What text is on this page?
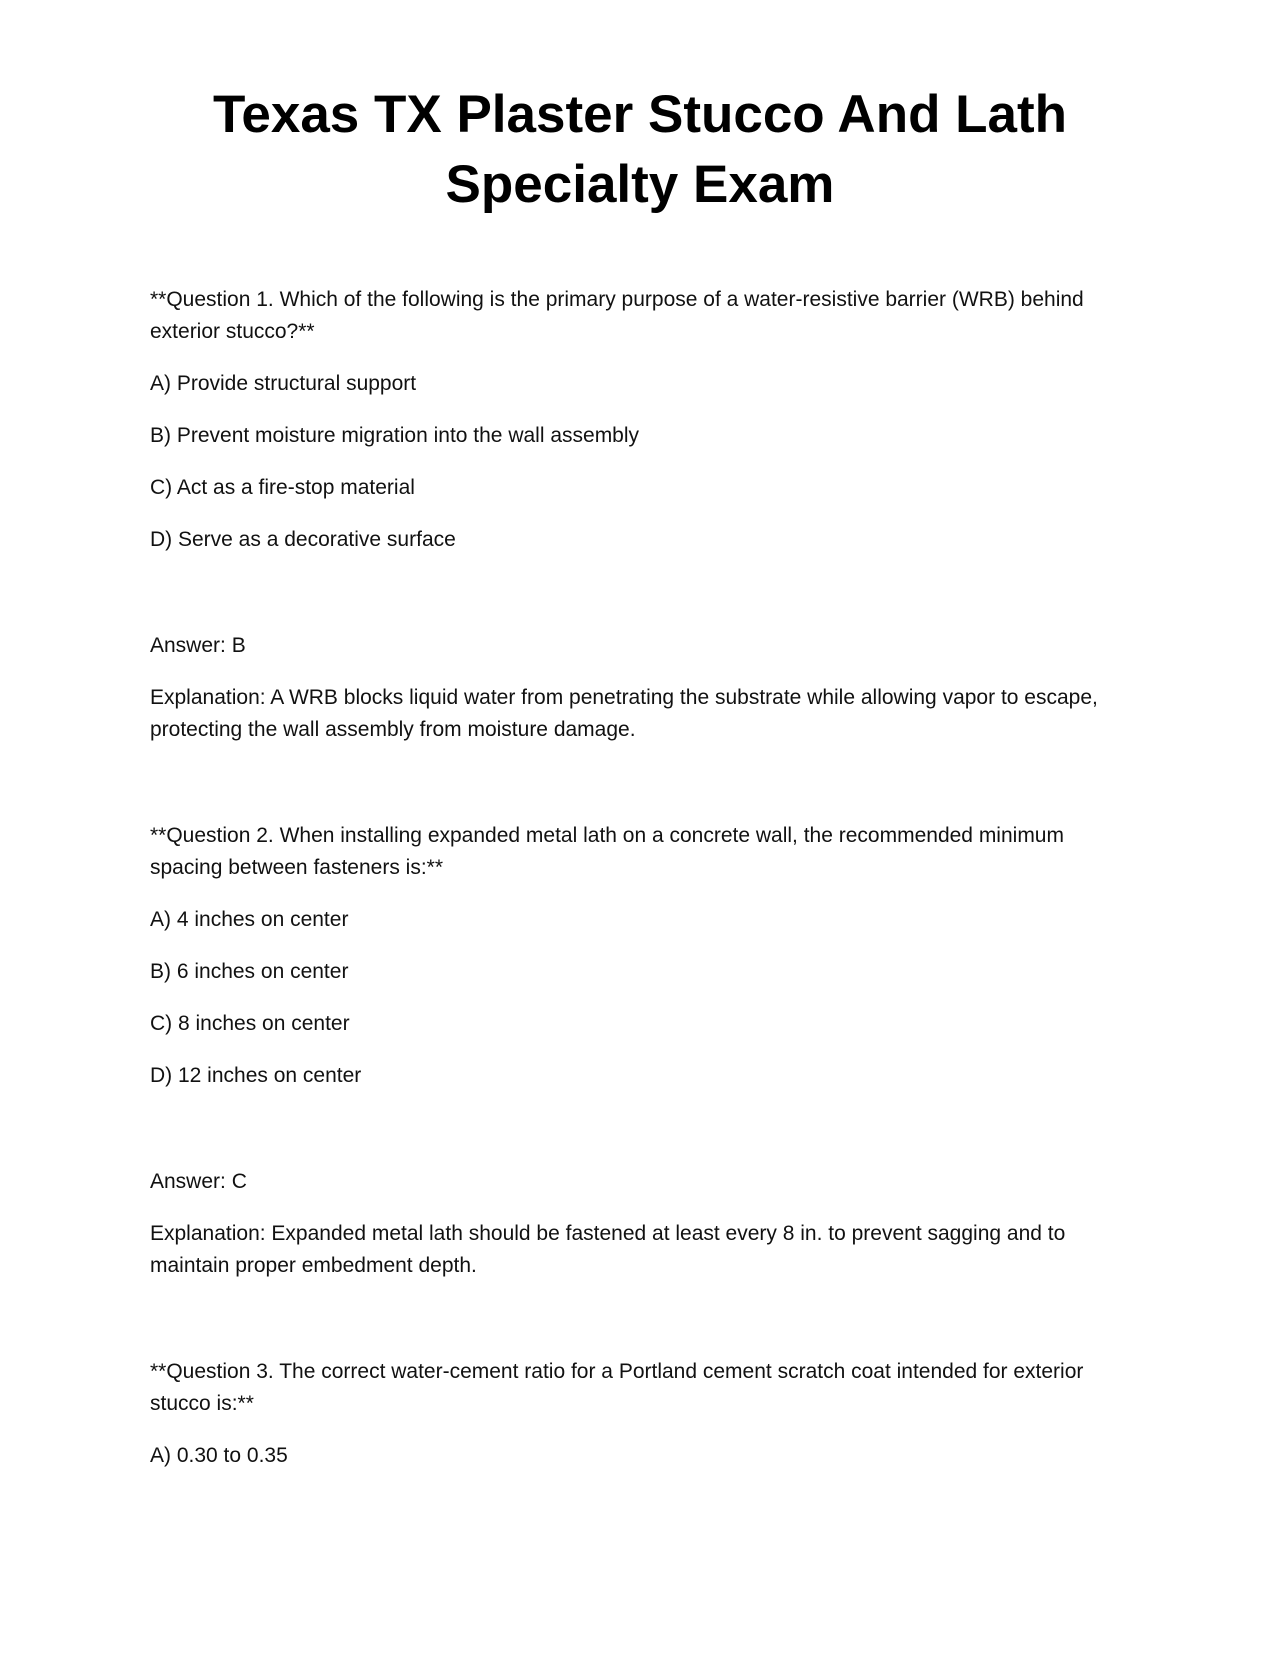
Texas TX Plaster Stucco And Lath
Specialty Exam

**Question 1. Which of the following is the primary purpose of a water-resistive barrier (WRB) behind

exterior stucco?**

A) Provide structural support

B) Prevent moisture migration into the wall assembly

C) Act as a fire-stop material

D) Serve as a decorative surface

Answer: B

Explanation: A WRB blocks liquid water from penetrating the substrate while allowing vapor to escape,

protecting the wall assembly from moisture damage.

**Question 2. When installing expanded metal lath on a concrete wall, the recommended minimum

spacing between fasteners is:**

A) 4 inches on center

B) 6 inches on center

C) 8 inches on center

D) 12 inches on center

Answer: C

Explanation: Expanded metal lath should be fastened at least every 8 in. to prevent sagging and to

maintain proper embedment depth.

**Question 3. The correct water-cement ratio for a Portland cement scratch coat intended for exterior

stucco is:**

A) 0.30 to 0.35
